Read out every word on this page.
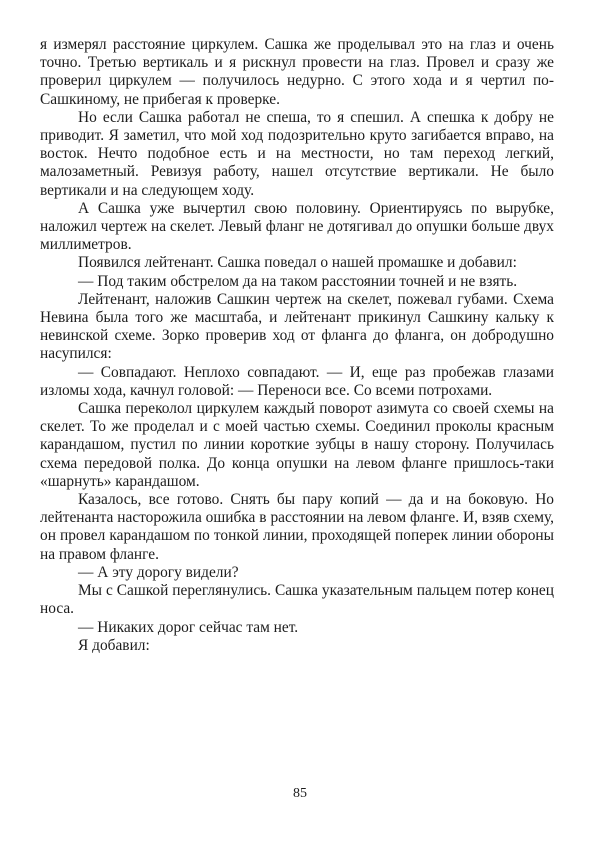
я измерял расстояние циркулем. Сашка же проделывал это на глаз и очень точно. Третью вертикаль и я рискнул провести на глаз. Провел и сразу же проверил циркулем — получилось недурно. С этого хода и я чертил по-Сашкиному, не прибегая к проверке.

Но если Сашка работал не спеша, то я спешил. А спешка к добру не приводит. Я заметил, что мой ход подозрительно круто загибается вправо, на восток. Нечто подобное есть и на местности, но там переход легкий, малозаметный. Ревизуя работу, нашел отсутствие вертикали. Не было вертикали и на следующем ходу.

А Сашка уже вычертил свою половину. Ориентируясь по вырубке, наложил чертеж на скелет. Левый фланг не дотягивал до опушки больше двух миллиметров.

Появился лейтенант. Сашка поведал о нашей промашке и добавил:

— Под таким обстрелом да на таком расстоянии точней и не взять.

Лейтенант, наложив Сашкин чертеж на скелет, пожевал губами. Схема Невина была того же масштаба, и лейтенант прикинул Сашкину кальку к невинской схеме. Зорко проверив ход от фланга до фланга, он добродушно насупился:

— Совпадают. Неплохо совпадают. — И, еще раз пробежав глазами изломы хода, качнул головой: — Переноси все. Со всеми потрохами.

Сашка переколол циркулем каждый поворот азимута со своей схемы на скелет. То же проделал и с моей частью схемы. Соединил проколы красным карандашом, пустил по линии короткие зубцы в нашу сторону. Получилась схема передовой полка. До конца опушки на левом фланге пришлось-таки «шарнуть» карандашом.

Казалось, все готово. Снять бы пару копий — да и на боковую. Но лейтенанта насторожила ошибка в расстоянии на левом фланге. И, взяв схему, он провел карандашом по тонкой линии, проходящей поперек линии обороны на правом фланге.

— А эту дорогу видели?

Мы с Сашкой переглянулись. Сашка указательным пальцем потер конец носа.

— Никаких дорог сейчас там нет.

Я добавил:

85
